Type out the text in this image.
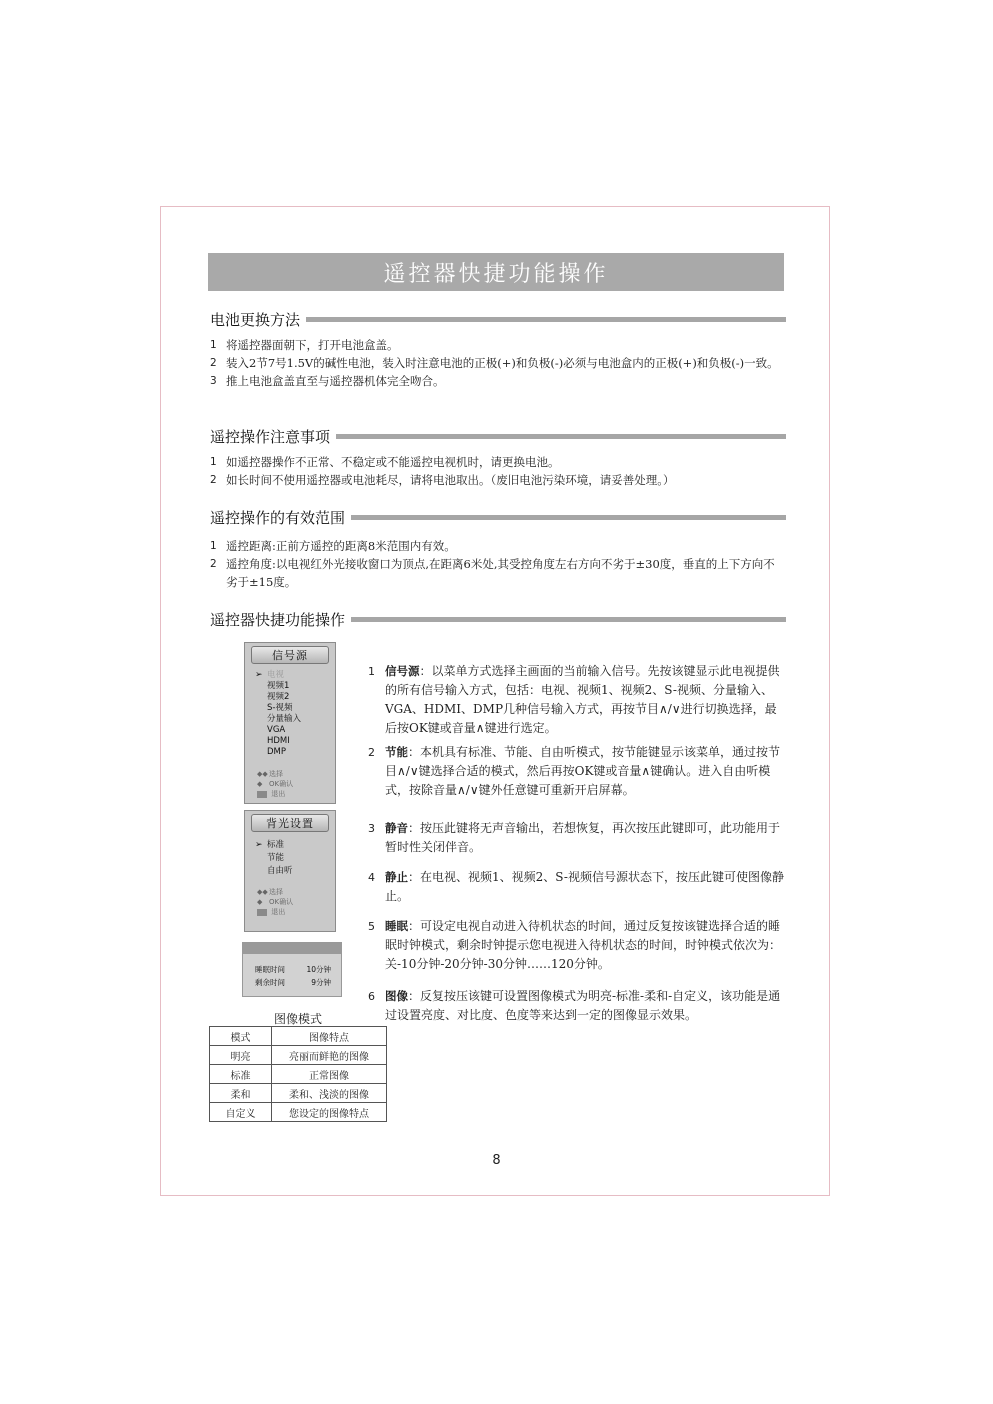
遥控器快捷功能操作
电池更换方法
1 将遥控器面朝下，打开电池盒盖。
2 装入2节7号1.5V的碱性电池，装入时注意电池的正极(+)和负极(-)必须与电池盒内的正极(+)和负极(-)一致。
3 推上电池盒盖直至与遥控器机体完全吻合。
遥控操作注意事项
1 如遥控器操作不正常、不稳定或不能遥控电视机时，请更换电池。
2 如长时间不使用遥控器或电池耗尽，请将电池取出。（废旧电池污染环境，请妥善处理。）
遥控操作的有效范围
1 遥控距离:正前方遥控的距离8米范围内有效。
2 遥控角度:以电视红外光接收窗口为顶点,在距离6米处,其受控角度左右方向不劣于±30度，垂直的上下方向不劣于±15度。
遥控器快捷功能操作
信号源
➢ 电视
视频1
视频2
S-视频
分量输入
VGA
HDMI
DMP
◆◆选择
◆ OK确认
退出
背光设置
➢ 标准
节能
自由听
◆◆选择
◆ OK确认
退出
睡眠时间	10分钟
剩余时间	9分钟
1 信号源：以菜单方式选择主画面的当前输入信号。先按该键显示此电视提供的所有信号输入方式，包括：电视、视频1、视频2、S-视频、分量输入、VGA、HDMI、DMP几种信号输入方式，再按节目∧/∨进行切换选择，最后按OK键或音量∧键进行选定。
2 节能：本机具有标准、节能、自由听模式，按节能键显示该菜单，通过按节目∧/∨键选择合适的模式，然后再按OK键或音量∧键确认。进入自由听模式，按除音量∧/∨键外任意键可重新开启屏幕。
3 静音：按压此键将无声音输出，若想恢复，再次按压此键即可，此功能用于暂时性关闭伴音。
4 静止：在电视、视频1、视频2、S-视频信号源状态下，按压此键可使图像静止。
5 睡眠：可设定电视自动进入待机状态的时间，通过反复按该键选择合适的睡眠时钟模式，剩余时钟提示您电视进入待机状态的时间，时钟模式依次为：关-10分钟-20分钟-30分钟……120分钟。
6 图像：反复按压该键可设置图像模式为明亮-标准-柔和-自定义，该功能是通过设置亮度、对比度、色度等来达到一定的图像显示效果。
图像模式
模式	图像特点
明亮	亮丽而鲜艳的图像
标准	正常图像
柔和	柔和、浅淡的图像
自定义	您设定的图像特点
8
